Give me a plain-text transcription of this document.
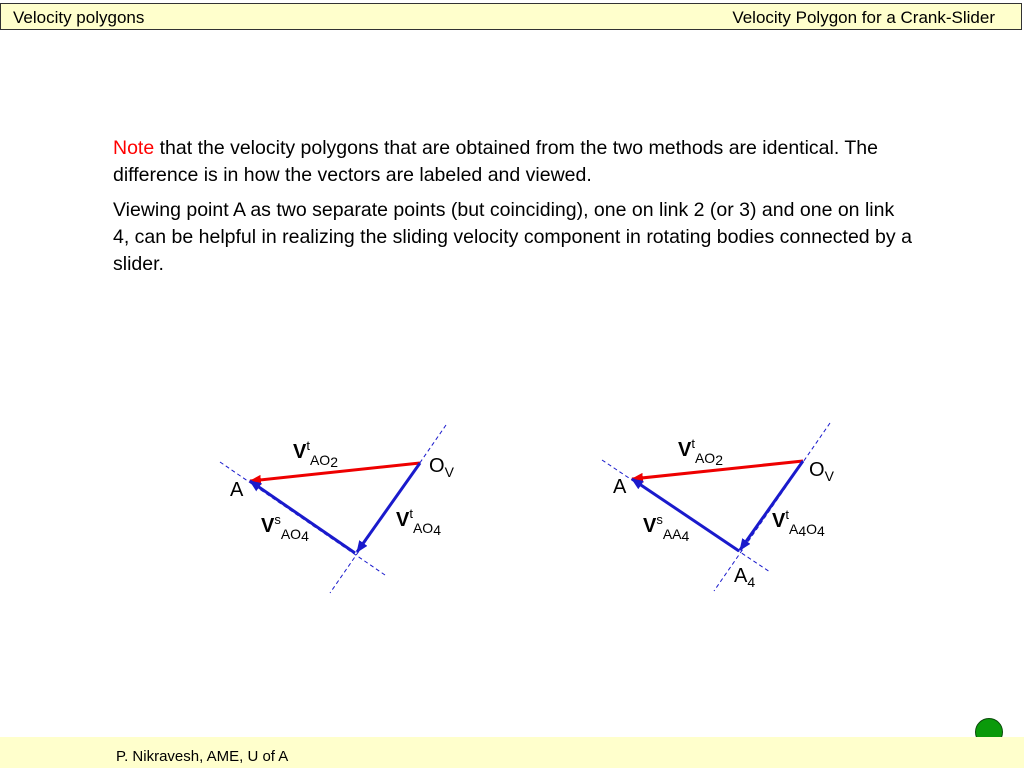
Velocity polygons	Velocity Polygon for a Crank-Slider

Note that the velocity polygons that are obtained from the two methods are identical. The difference is in how the vectors are labeled and viewed.

Viewing point A as two separate points (but coinciding), one on link 2 (or 3) and one on link 4, can be helpful in realizing the sliding velocity component in rotating bodies connected by a slider.

A
$O_V$
$V^tAO2$
$V^tAO4$
$V^sAO4$
A
$O_V$
$A_4$
$V^tAO2$
$V^tA4O4$
$V^sAA4$
P. Nikravesh, AME, U of A
